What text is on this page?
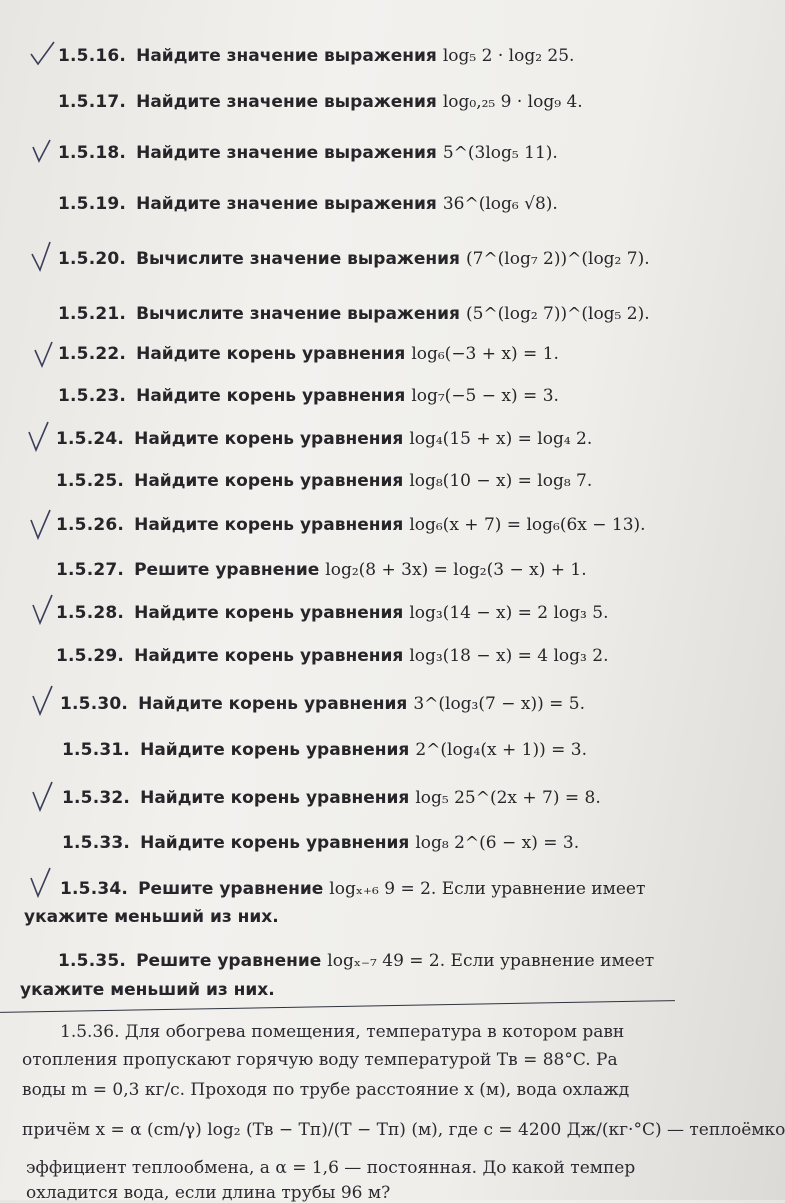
1.5.16. Найдите значение выражения log₅ 2 · log₂ 25.
1.5.17. Найдите значение выражения log₀,₂₅ 9 · log₉ 4.
1.5.18. Найдите значение выражения 5^(3log₅ 11).
1.5.19. Найдите значение выражения 36^(log₆ √8).
1.5.20. Вычислите значение выражения (7^(log₇ 2))^(log₂ 7).
1.5.21. Вычислите значение выражения (5^(log₂ 7))^(log₅ 2).
1.5.22. Найдите корень уравнения log₆(−3 + x) = 1.
1.5.23. Найдите корень уравнения log₇(−5 − x) = 3.
1.5.24. Найдите корень уравнения log₄(15 + x) = log₄ 2.
1.5.25. Найдите корень уравнения log₈(10 − x) = log₈ 7.
1.5.26. Найдите корень уравнения log₆(x + 7) = log₆(6x − 13).
1.5.27. Решите уравнение log₂(8 + 3x) = log₂(3 − x) + 1.
1.5.28. Найдите корень уравнения log₃(14 − x) = 2 log₃ 5.
1.5.29. Найдите корень уравнения log₃(18 − x) = 4 log₃ 2.
1.5.30. Найдите корень уравнения 3^(log₃(7 − x)) = 5.
1.5.31. Найдите корень уравнения 2^(log₄(x + 1)) = 3.
1.5.32. Найдите корень уравнения log₅ 25^(2x + 7) = 8.
1.5.33. Найдите корень уравнения log₈ 2^(6 − x) = 3.
1.5.34. Решите уравнение logₓ₊₆ 9 = 2. Если уравнение имеет
укажите меньший из них.
1.5.35. Решите уравнение logₓ₋₇ 49 = 2. Если уравнение имеет
укажите меньший из них.
1.5.36. Для обогрева помещения, температура в котором равн
отопления пропускают горячую воду температурой Tв = 88°C. Ра
воды m = 0,3 кг/с. Проходя по трубе расстояние x (м), вода охлажд
причём x = α (cm/γ) log₂ (Tв − Tп)/(T − Tп) (м), где c = 4200 Дж/(кг·°C) — теплоёмко
эффициент теплообмена, а α = 1,6 — постоянная. До какой темпер
охладится вода, если длина трубы 96 м?
